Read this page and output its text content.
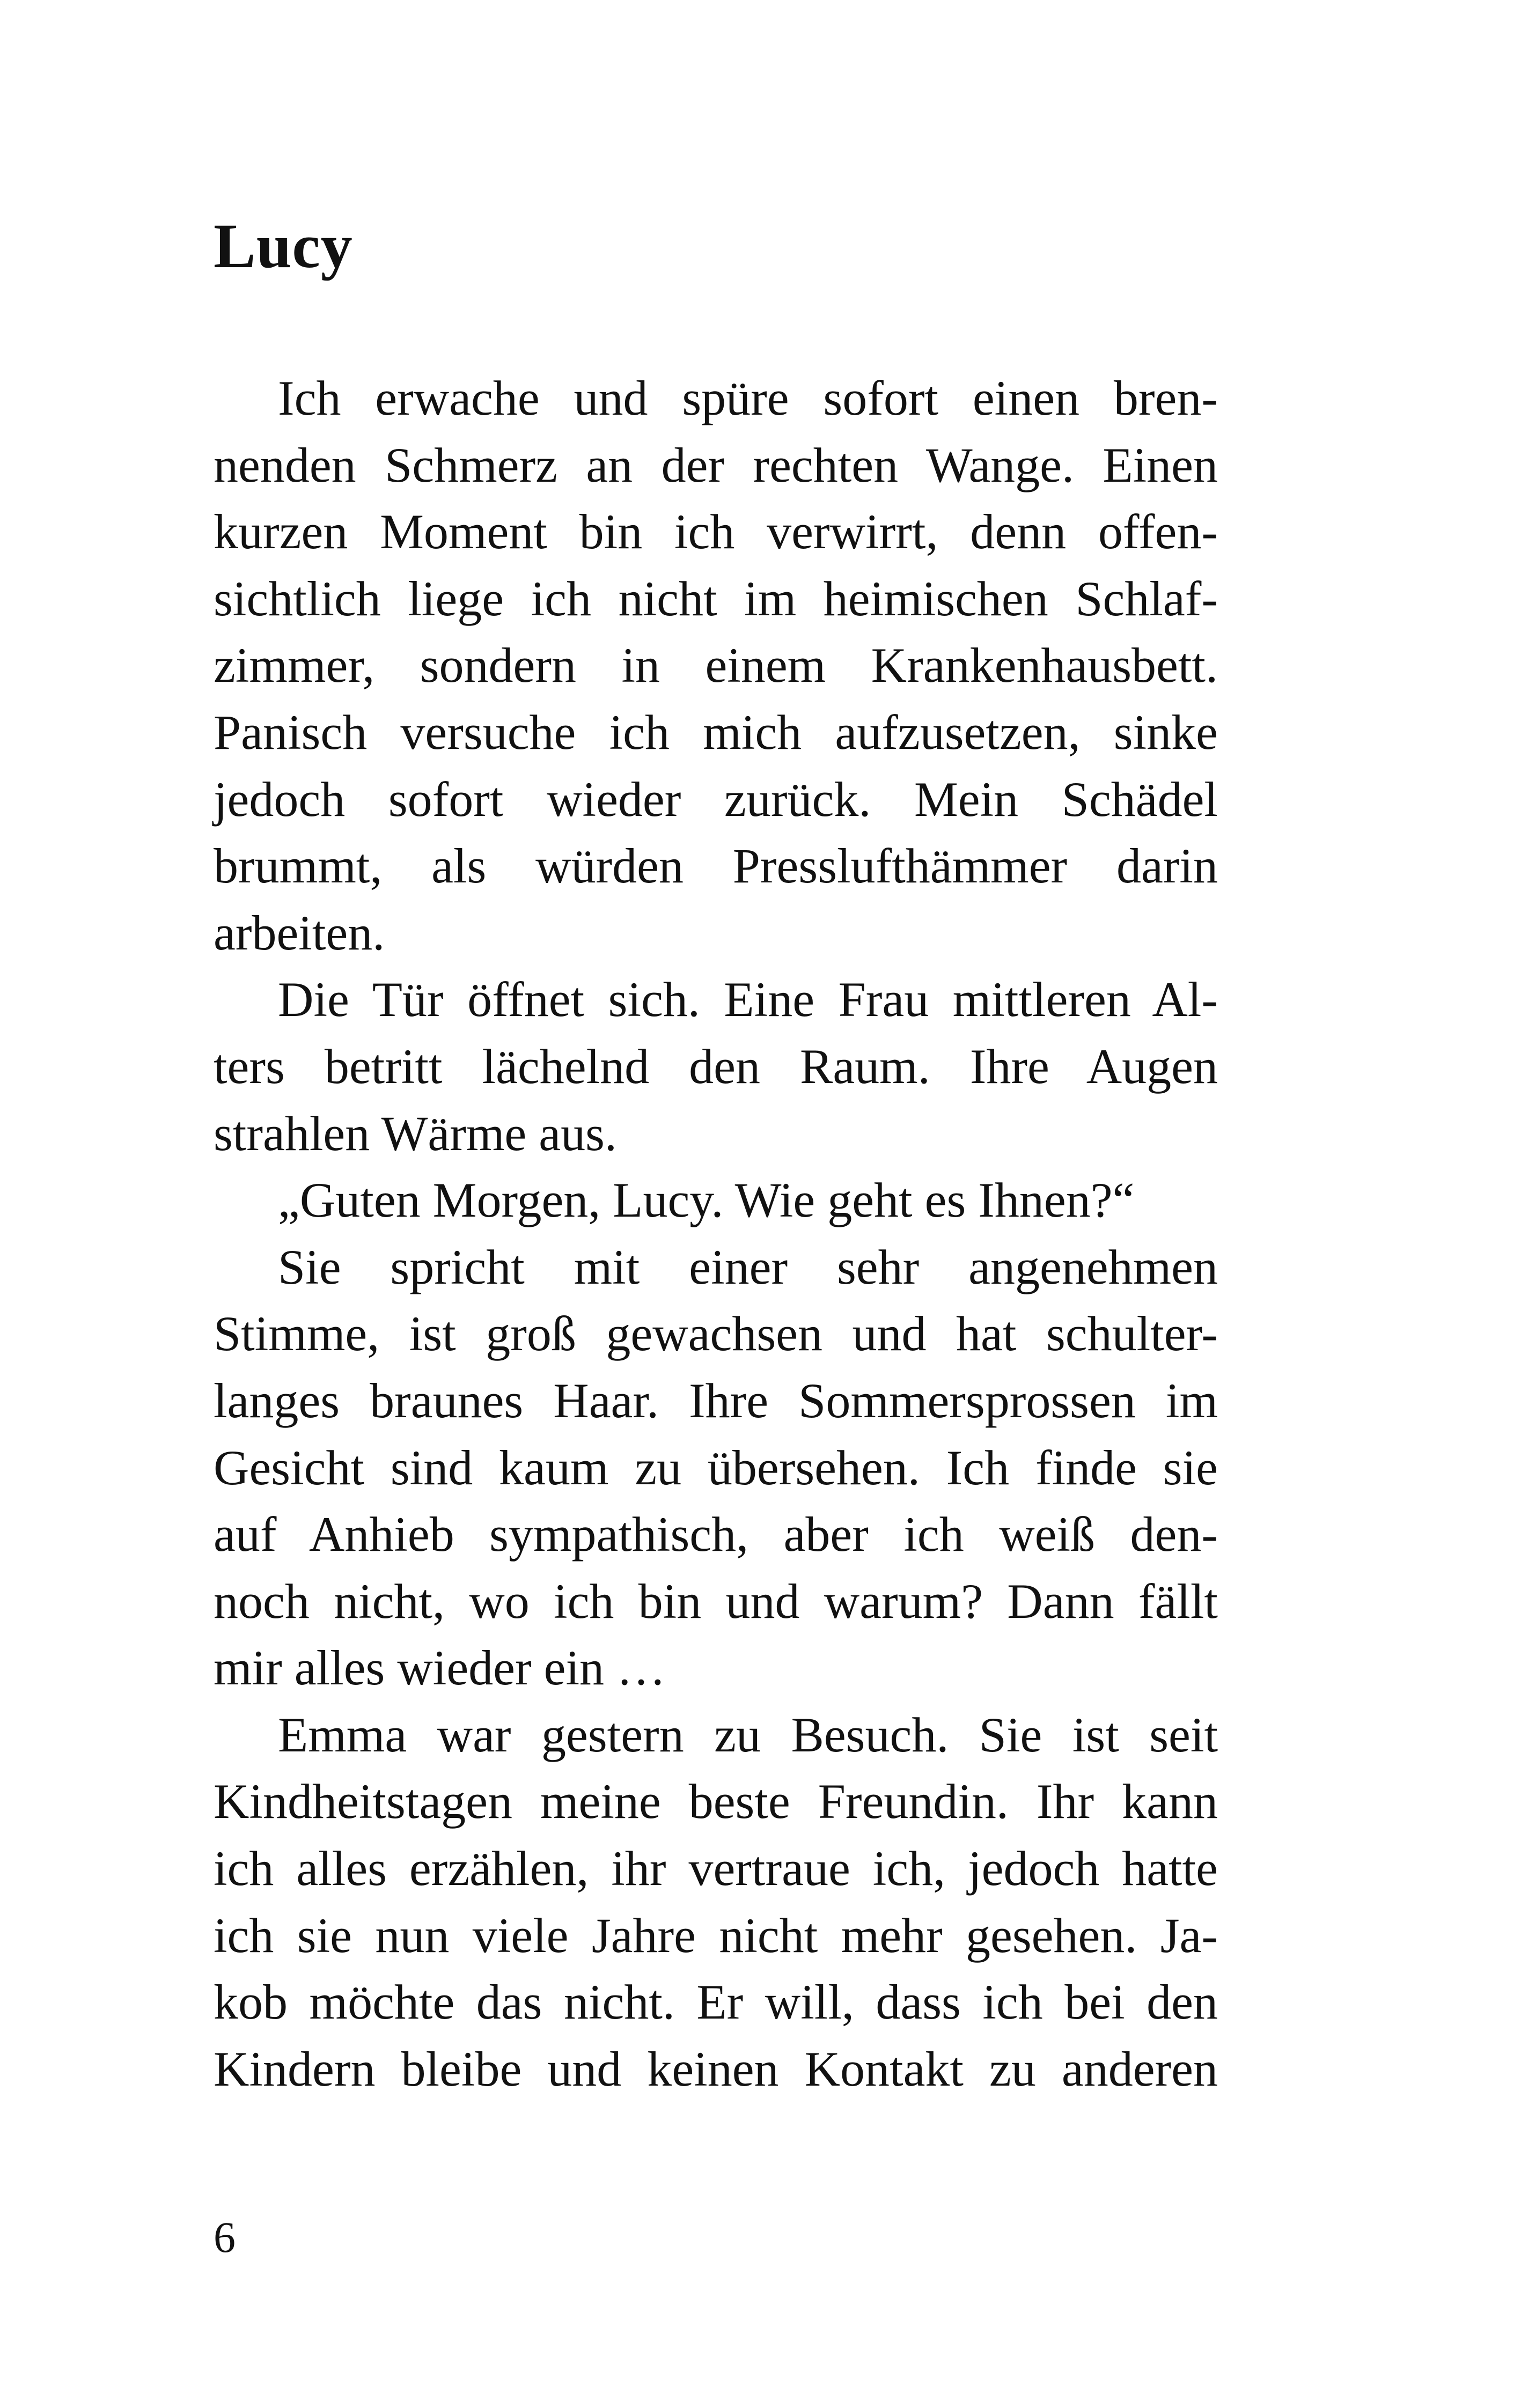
Lucy
Ich erwache und spüre sofort einen bren-
nenden Schmerz an der rechten Wange. Einen
kurzen Moment bin ich verwirrt, denn offen-
sichtlich liege ich nicht im heimischen Schlaf-
zimmer, sondern in einem Krankenhausbett.
Panisch versuche ich mich aufzusetzen, sinke
jedoch sofort wieder zurück. Mein Schädel
brummt, als würden Presslufthämmer darin
arbeiten.
Die Tür öffnet sich. Eine Frau mittleren Al-
ters betritt lächelnd den Raum. Ihre Augen
strahlen Wärme aus.
„Guten Morgen, Lucy. Wie geht es Ihnen?“
Sie spricht mit einer sehr angenehmen
Stimme, ist groß gewachsen und hat schulter-
langes braunes Haar. Ihre Sommersprossen im
Gesicht sind kaum zu übersehen. Ich finde sie
auf Anhieb sympathisch, aber ich weiß den-
noch nicht, wo ich bin und warum? Dann fällt
mir alles wieder ein …
Emma war gestern zu Besuch. Sie ist seit
Kindheitstagen meine beste Freundin. Ihr kann
ich alles erzählen, ihr vertraue ich, jedoch hatte
ich sie nun viele Jahre nicht mehr gesehen. Ja-
kob möchte das nicht. Er will, dass ich bei den
Kindern bleibe und keinen Kontakt zu anderen
6
